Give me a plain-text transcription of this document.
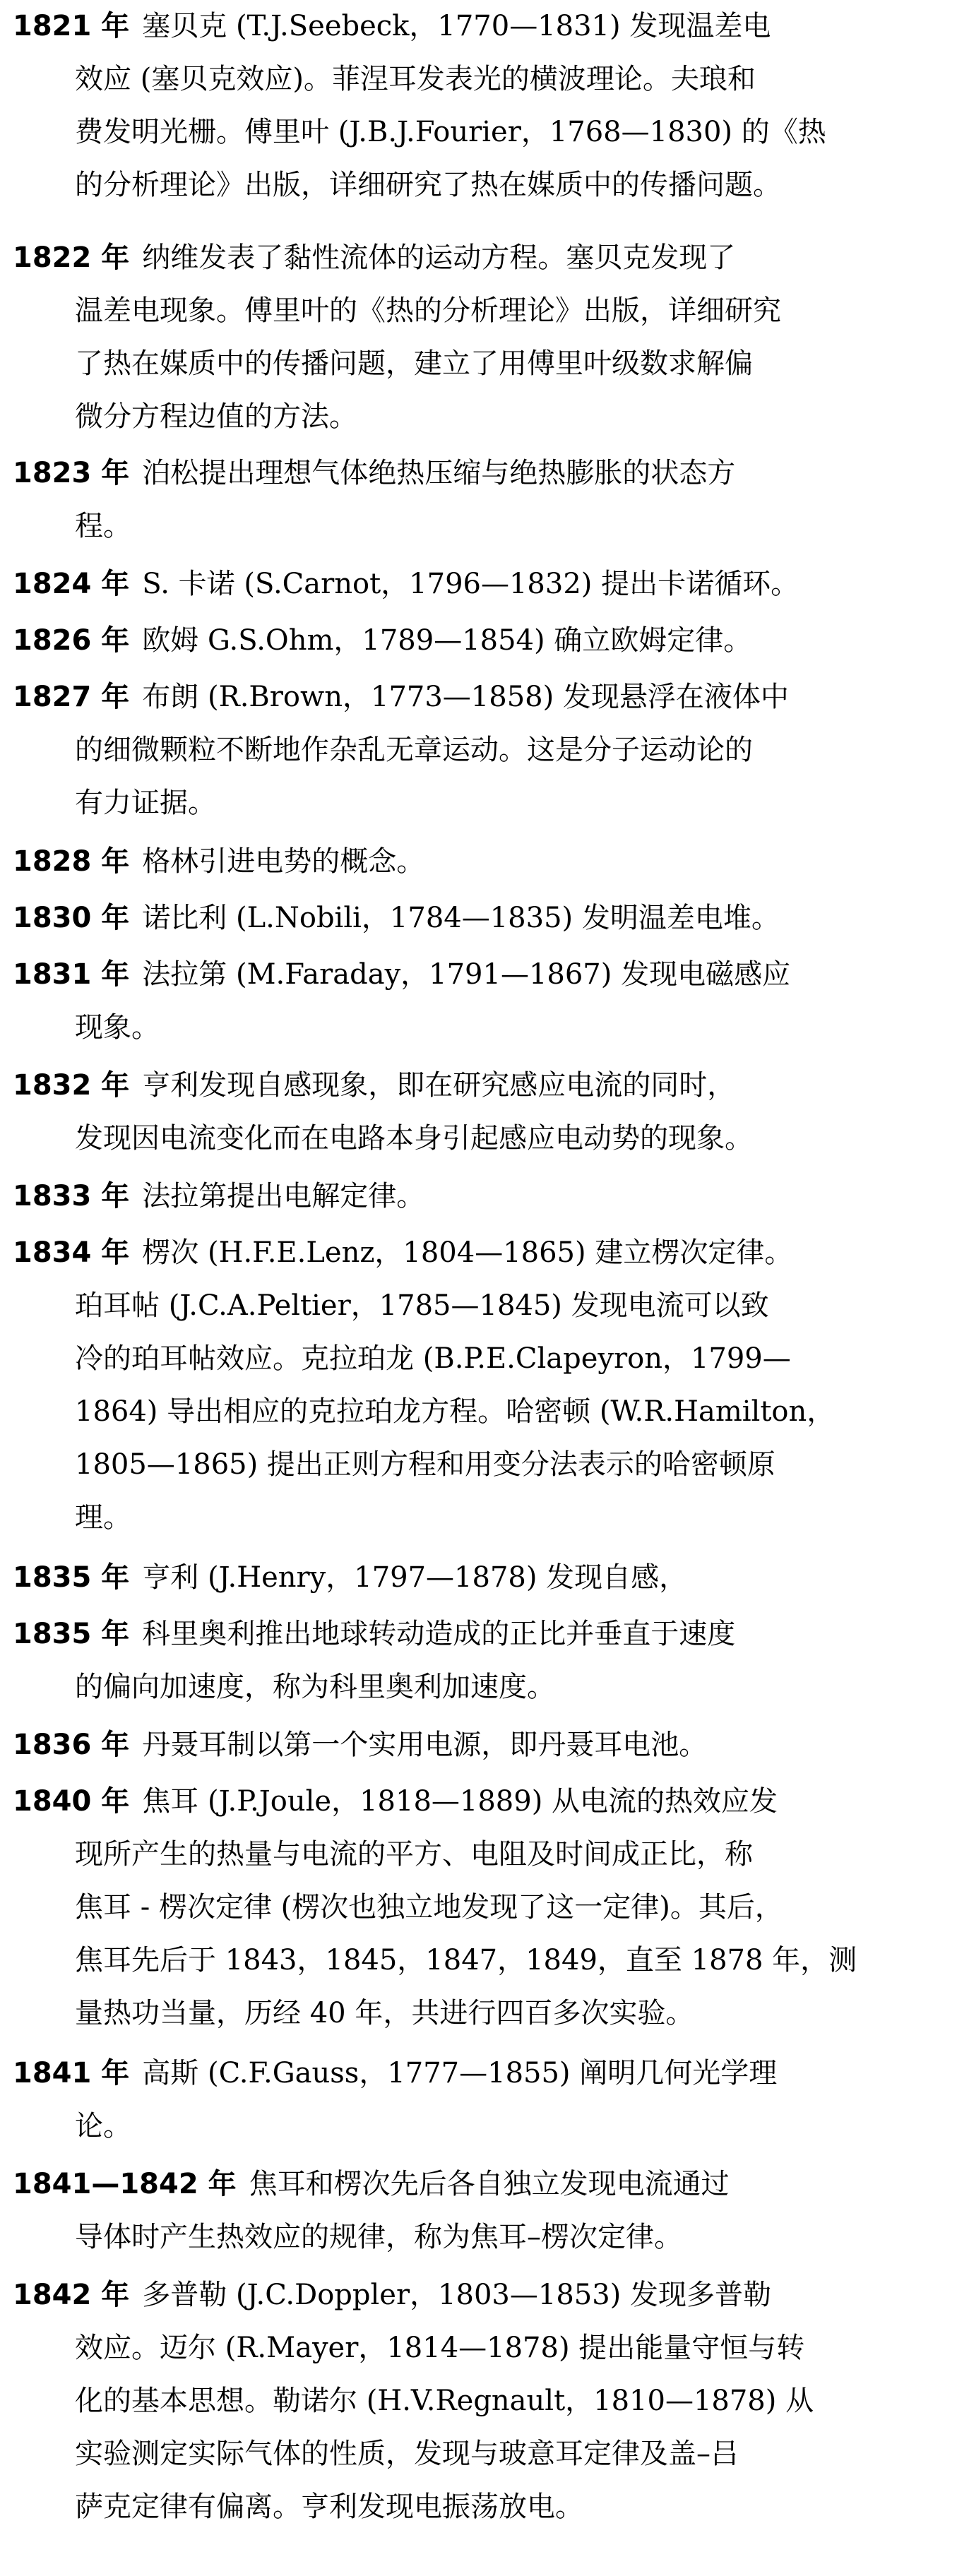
1821 年 塞贝克 (T.J.Seebeck，1770—1831) 发现温差电
效应 (塞贝克效应)。菲涅耳发表光的横波理论。夫琅和
费发明光栅。傅里叶 (J.B.J.Fourier，1768—1830) 的《热
的分析理论》出版，详细研究了热在媒质中的传播问题。

1822 年 纳维发表了黏性流体的运动方程。塞贝克发现了
温差电现象。傅里叶的《热的分析理论》出版，详细研究
了热在媒质中的传播问题，建立了用傅里叶级数求解偏
微分方程边值的方法。

1823 年 泊松提出理想气体绝热压缩与绝热膨胀的状态方
程。

1824 年 S. 卡诺 (S.Carnot，1796—1832) 提出卡诺循环。

1826 年 欧姆 G.S.Ohm，1789—1854) 确立欧姆定律。

1827 年 布朗 (R.Brown，1773—1858) 发现悬浮在液体中
的细微颗粒不断地作杂乱无章运动。这是分子运动论的
有力证据。

1828 年 格林引进电势的概念。

1830 年 诺比利 (L.Nobili，1784—1835) 发明温差电堆。

1831 年 法拉第 (M.Faraday，1791—1867) 发现电磁感应
现象。

1832 年 亨利发现自感现象，即在研究感应电流的同时，
发现因电流变化而在电路本身引起感应电动势的现象。

1833 年 法拉第提出电解定律。

1834 年 楞次 (H.F.E.Lenz，1804—1865) 建立楞次定律。
珀耳帖 (J.C.A.Peltier，1785—1845) 发现电流可以致
冷的珀耳帖效应。克拉珀龙 (B.P.E.Clapeyron，1799—
1864) 导出相应的克拉珀龙方程。哈密顿 (W.R.Hamilton，
1805—1865) 提出正则方程和用变分法表示的哈密顿原
理。

1835 年 亨利 (J.Henry，1797—1878) 发现自感，

1835 年 科里奥利推出地球转动造成的正比并垂直于速度
的偏向加速度，称为科里奥利加速度。

1836 年 丹聂耳制以第一个实用电源，即丹聂耳电池。

1840 年 焦耳 (J.P.Joule，1818—1889) 从电流的热效应发
现所产生的热量与电流的平方、电阻及时间成正比，称
焦耳 - 楞次定律 (楞次也独立地发现了这一定律)。其后，
焦耳先后于 1843，1845，1847，1849，直至 1878 年，测
量热功当量，历经 40 年，共进行四百多次实验。

1841 年 高斯 (C.F.Gauss，1777—1855) 阐明几何光学理
论。

1841—1842 年 焦耳和楞次先后各自独立发现电流通过
导体时产生热效应的规律，称为焦耳–楞次定律。

1842 年 多普勒 (J.C.Doppler，1803—1853) 发现多普勒
效应。迈尔 (R.Mayer，1814—1878) 提出能量守恒与转
化的基本思想。勒诺尔 (H.V.Regnault，1810—1878) 从
实验测定实际气体的性质，发现与玻意耳定律及盖–吕
萨克定律有偏离。亨利发现电振荡放电。
